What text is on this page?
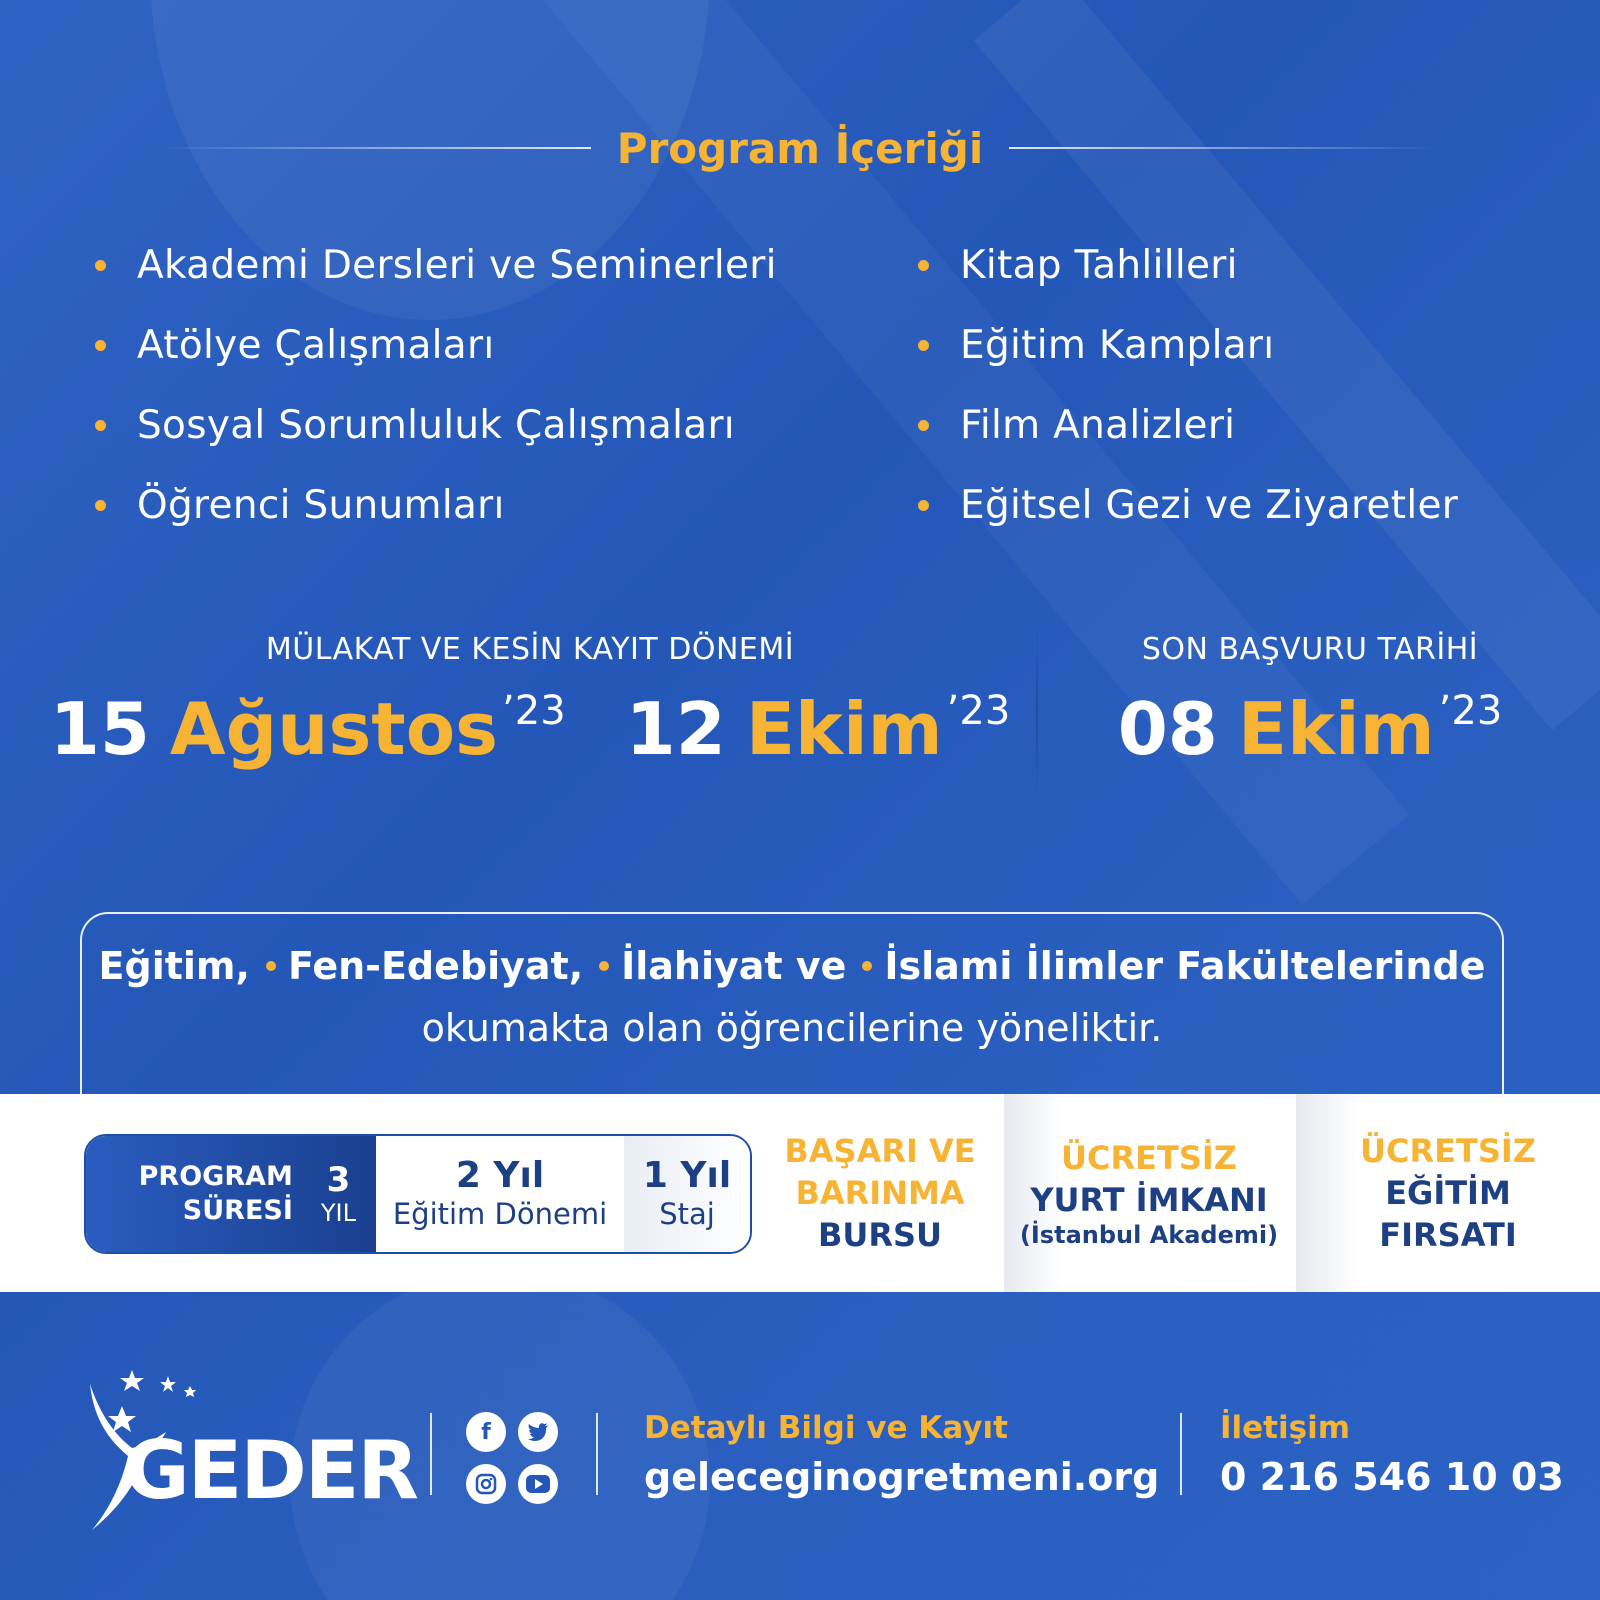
Program İçeriği
Akademi Dersleri ve Seminerleri
Atölye Çalışmaları
Sosyal Sorumluluk Çalışmaları
Öğrenci Sunumları
Kitap Tahlilleri
Eğitim Kampları
Film Analizleri
Eğitsel Gezi ve Ziyaretler
MÜLAKAT VE KESİN KAYIT DÖNEMİ
15 Ağustos ’23 12 Ekim ’23
SON BAŞVURU TARİHİ
08 Ekim ’23
Eğitim, Fen-Edebiyat, İlahiyat ve İslami İlimler Fakültelerinde
okumakta olan öğrencilerine yöneliktir.
PROGRAM
SÜRESİ
3
YIL
2 Yıl
Eğitim Dönemi
1 Yıl
Staj
BAŞARI VE
BARINMA
BURSU
ÜCRETSİZ
YURT İMKANI
(İstanbul Akademi)
ÜCRETSİZ
EĞİTİM
FIRSATI
GEDER	f	Detaylı Bilgi ve Kayıt
geleceginogretmeni.org
İletişim
0 216 546 10 03
